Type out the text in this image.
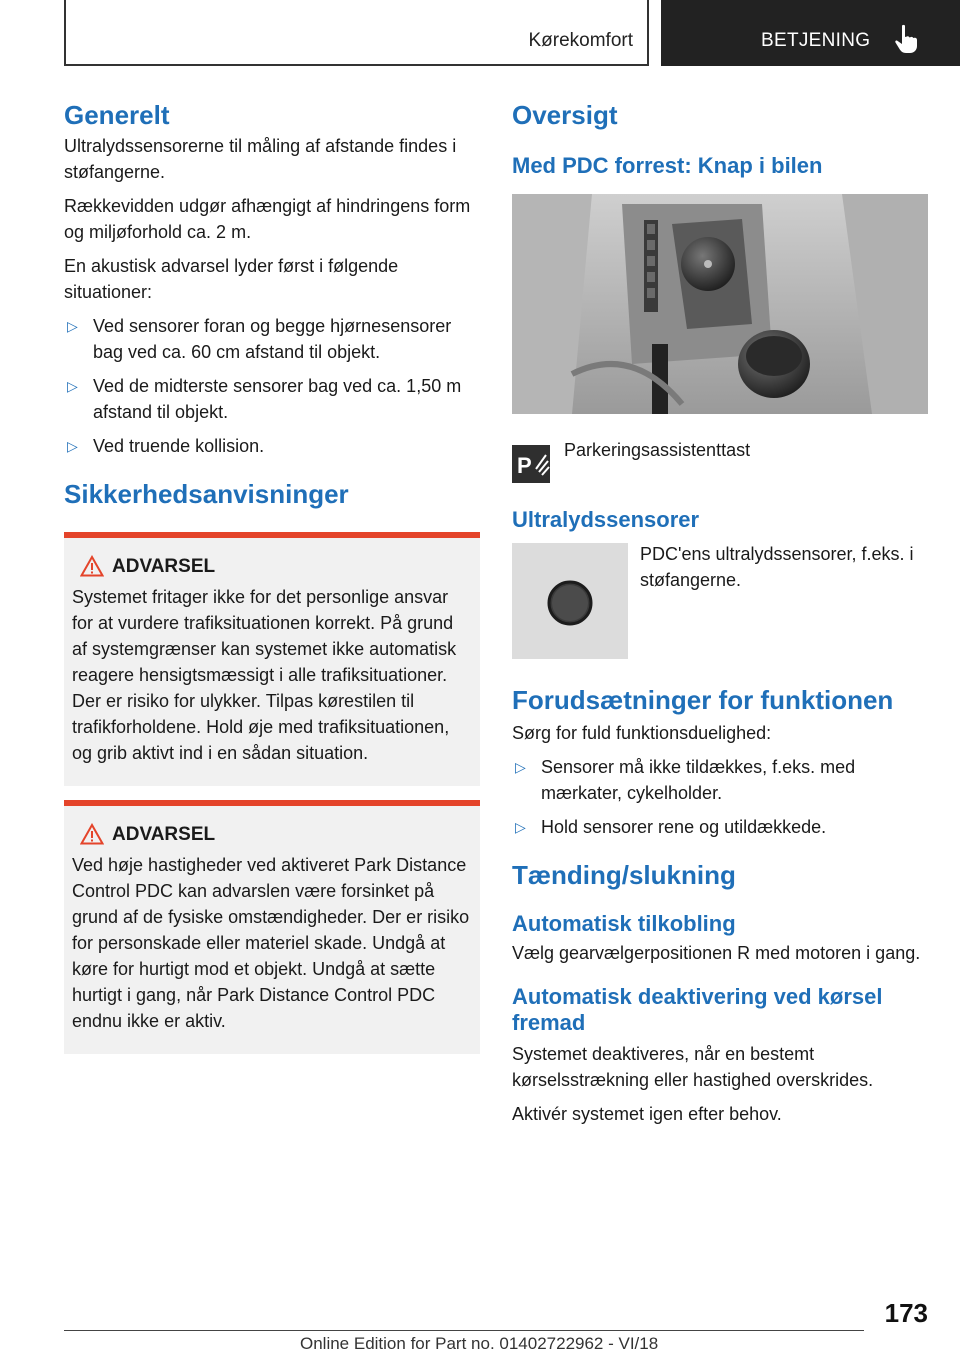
Kørekomfort	BETJENING
Generelt

Ultralydssensorerne til måling af afstande findes i støfangerne.

Rækkevidden udgør afhængigt af hindringens form og miljøforhold ca. 2 m.

En akustisk advarsel lyder først i følgende situationer:

▷ Ved sensorer foran og begge hjørnesensorer bag ved ca. 60 cm afstand til objekt.
▷ Ved de midterste sensorer bag ved ca. 1,50 m afstand til objekt.
▷ Ved truende kollision.
Sikkerhedsanvisninger
ADVARSEL

Systemet fritager ikke for det personlige ansvar for at vurdere trafiksituationen korrekt. På grund af systemgrænser kan systemet ikke automatisk reagere hensigtsmæssigt i alle trafiksituationer. Der er risiko for ulykker. Tilpas kørestilen til trafikforholdene. Hold øje med trafiksituationen, og grib aktivt ind i en sådan situation.

ADVARSEL

Ved høje hastigheder ved aktiveret Park Distance Control PDC kan advarslen være forsinket på grund af de fysiske omstændigheder. Der er risiko for personskade eller materiel skade. Undgå at køre for hurtigt mod et objekt. Undgå at sætte hurtigt i gang, når Park Distance Control PDC endnu ikke er aktiv.

Oversigt
Med PDC forrest: Knap i bilen
P
Parkeringsassistenttast
Ultralydssensorer

PDC'ens ultralydssensorer, f.eks. i støfangerne.

Forudsætninger for funktionen

Sørg for fuld funktionsduelighed:

▷ Sensorer må ikke tildækkes, f.eks. med mærkater, cykelholder.
▷ Hold sensorer rene og utildækkede.
Tænding/slukning
Automatisk tilkobling

Vælg gearvælgerpositionen R med motoren i gang.

Automatisk deaktivering ved kørsel fremad

Systemet deaktiveres, når en bestemt kørselsstrækning eller hastighed overskrides.

Aktivér systemet igen efter behov.

173
Online Edition for Part no. 01402722962 - VI/18
